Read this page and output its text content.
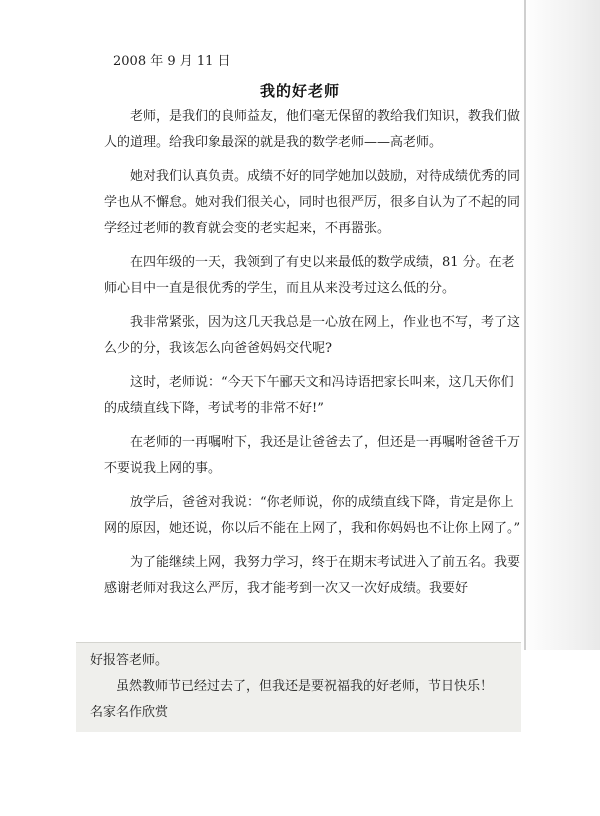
2008 年 9 月 11 日
我的好老师

老师，是我们的良师益友，他们毫无保留的教给我们知识，教我们做人的道理。给我印象最深的就是我的数学老师——高老师。

她对我们认真负责。成绩不好的同学她加以鼓励，对待成绩优秀的同学也从不懈怠。她对我们很关心，同时也很严厉，很多自认为了不起的同学经过老师的教育就会变的老实起来，不再嚣张。

在四年级的一天，我领到了有史以来最低的数学成绩，81 分。在老师心目中一直是很优秀的学生，而且从来没考过这么低的分。

我非常紧张，因为这几天我总是一心放在网上，作业也不写，考了这么少的分，我该怎么向爸爸妈妈交代呢?

这时，老师说：“今天下午郦天文和冯诗语把家长叫来，这几天你们的成绩直线下降，考试考的非常不好!”

在老师的一再嘱咐下，我还是让爸爸去了，但还是一再嘱咐爸爸千万不要说我上网的事。

放学后，爸爸对我说：“你老师说，你的成绩直线下降，肯定是你上网的原因，她还说，你以后不能在上网了，我和你妈妈也不让你上网了。”

为了能继续上网，我努力学习，终于在期末考试进入了前五名。我要感谢老师对我这么严厉，我才能考到一次又一次好成绩。我要好

好报答老师。

虽然教师节已经过去了，但我还是要祝福我的好老师，节日快乐！

名家名作欣赏
